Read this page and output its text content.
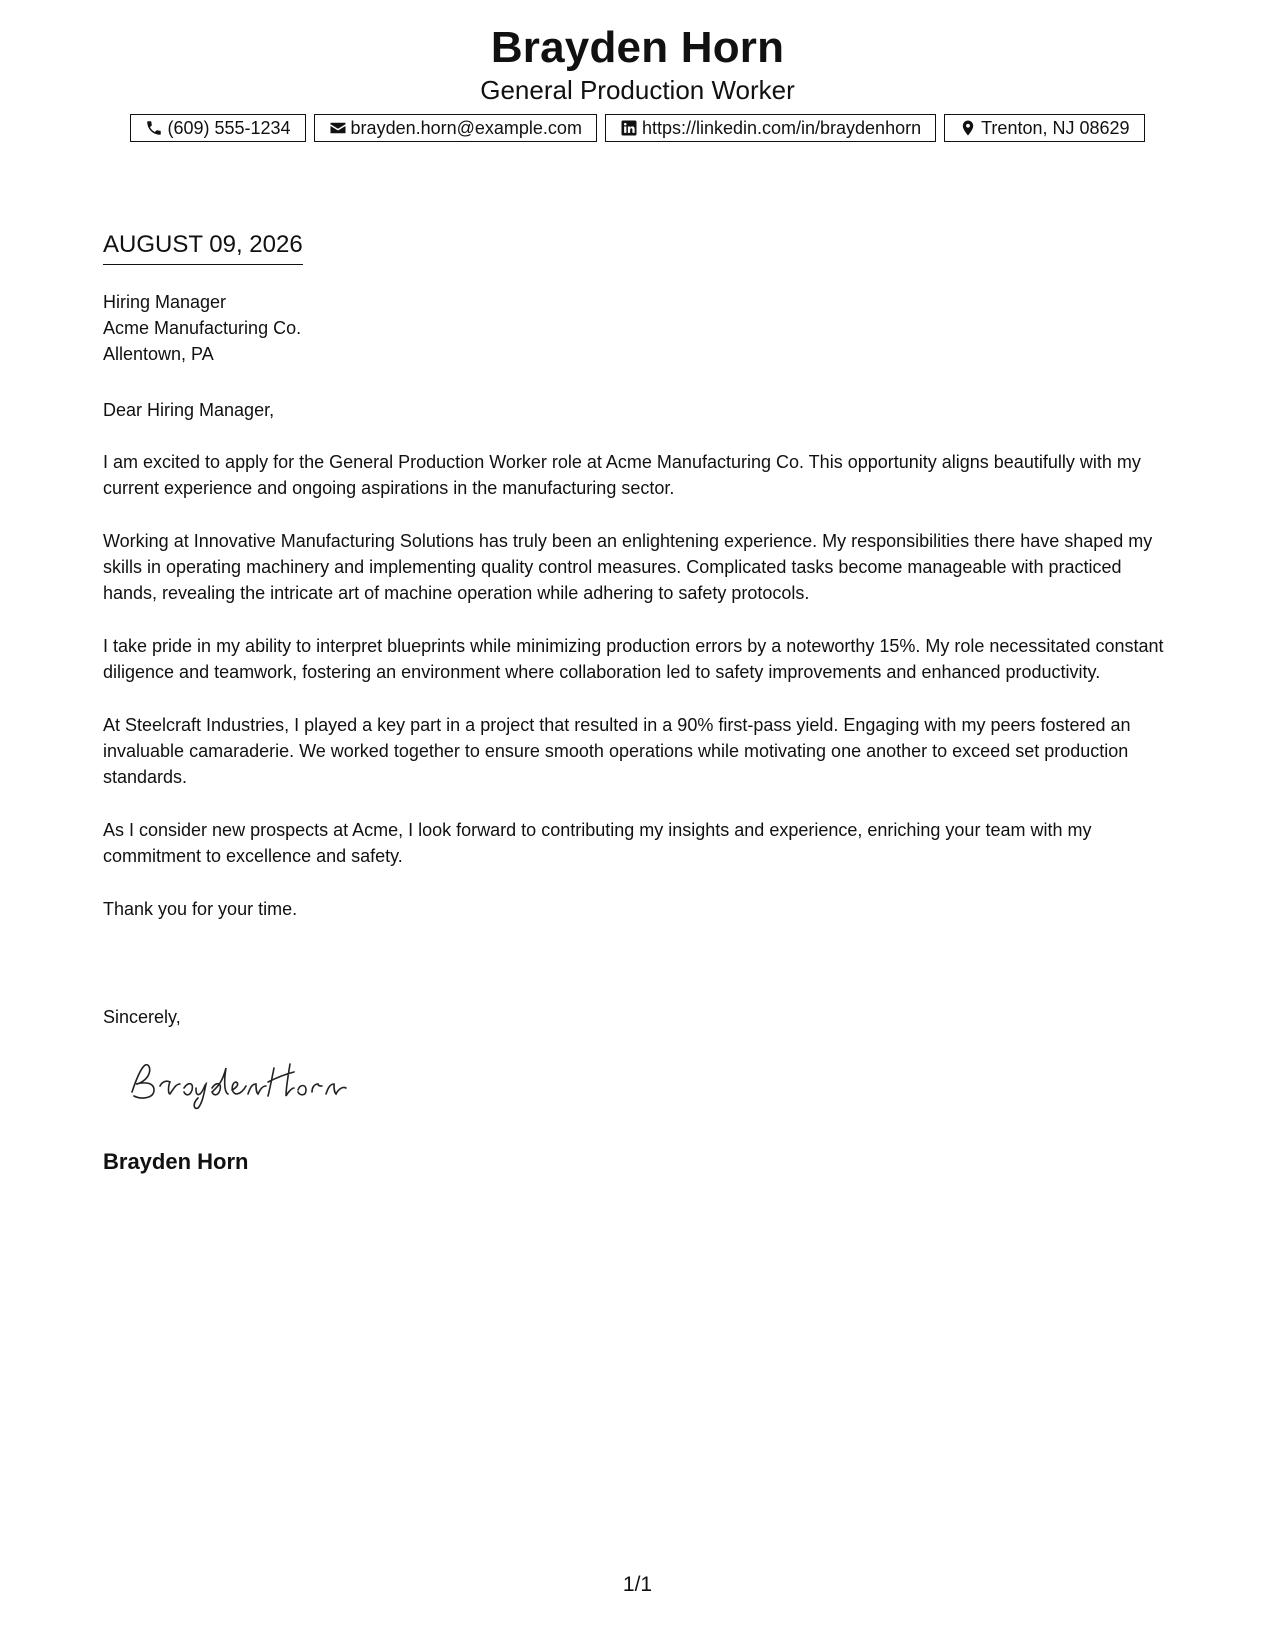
Brayden Horn
General Production Worker
(609) 555-1234	brayden.horn@example.com	https://linkedin.com/in/braydenhorn	Trenton, NJ 08629
AUGUST 09, 2026
Hiring Manager
Acme Manufacturing Co.
Allentown, PA
Dear Hiring Manager,

I am excited to apply for the General Production Worker role at Acme Manufacturing Co. This opportunity aligns beautifully with my current experience and ongoing aspirations in the manufacturing sector.

Working at Innovative Manufacturing Solutions has truly been an enlightening experience. My responsibilities there have shaped my skills in operating machinery and implementing quality control measures. Complicated tasks become manageable with practiced hands, revealing the intricate art of machine operation while adhering to safety protocols.

I take pride in my ability to interpret blueprints while minimizing production errors by a noteworthy 15%. My role necessitated constant diligence and teamwork, fostering an environment where collaboration led to safety improvements and enhanced productivity.

At Steelcraft Industries, I played a key part in a project that resulted in a 90% first-pass yield. Engaging with my peers fostered an invaluable camaraderie. We worked together to ensure smooth operations while motivating one another to exceed set production standards.

As I consider new prospects at Acme, I look forward to contributing my insights and experience, enriching your team with my commitment to excellence and safety.

Thank you for your time.

Sincerely,
Brayden Horn
1/1
